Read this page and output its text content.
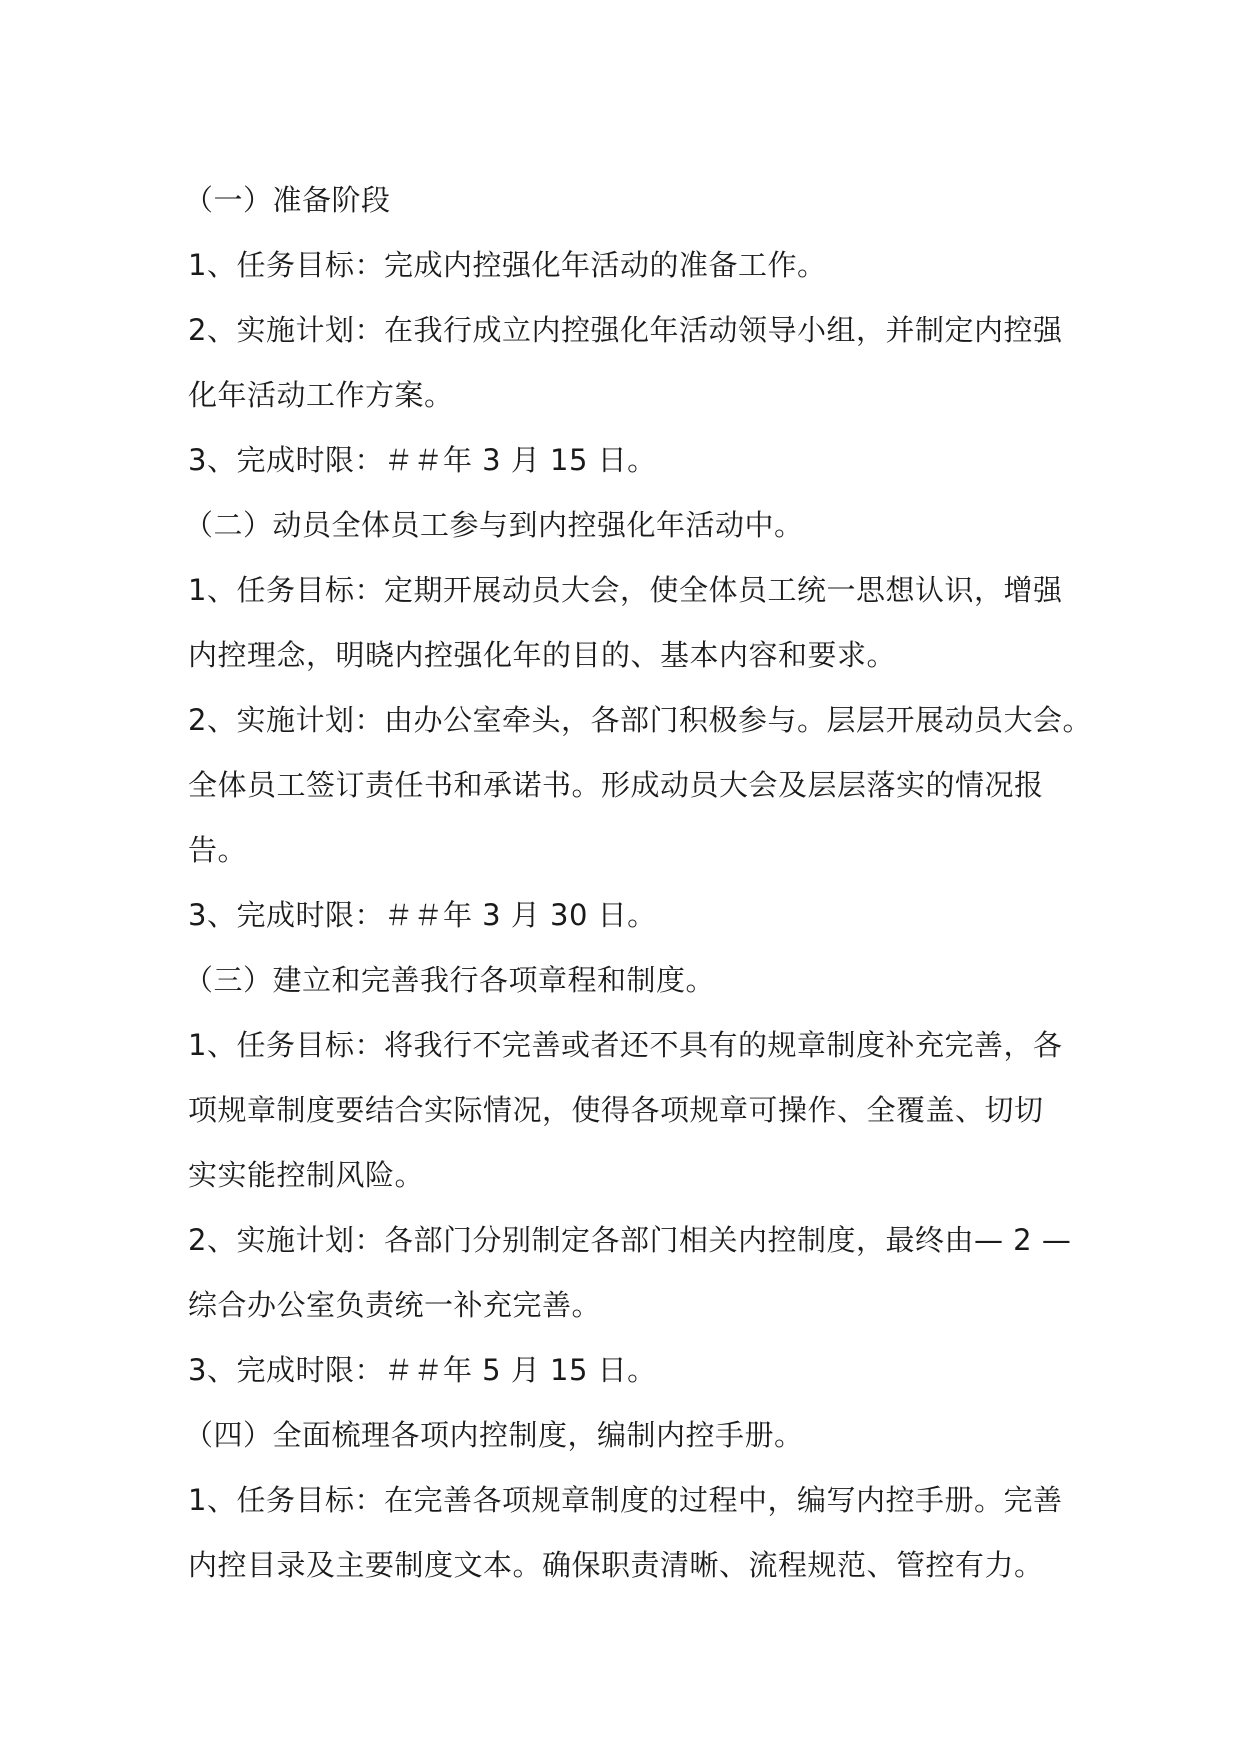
（一）准备阶段

1、任务目标：完成内控强化年活动的准备工作。

2、实施计划：在我行成立内控强化年活动领导小组，并制定内控强

化年活动工作方案。

3、完成时限：＃＃年 3 月 15 日。

（二）动员全体员工参与到内控强化年活动中。

1、任务目标：定期开展动员大会，使全体员工统一思想认识，增强

内控理念，明晓内控强化年的目的、基本内容和要求。

2、实施计划：由办公室牵头，各部门积极参与。层层开展动员大会。

全体员工签订责任书和承诺书。形成动员大会及层层落实的情况报

告。

3、完成时限：＃＃年 3 月 30 日。

（三）建立和完善我行各项章程和制度。

1、任务目标：将我行不完善或者还不具有的规章制度补充完善，各

项规章制度要结合实际情况，使得各项规章可操作、全覆盖、切切

实实能控制风险。

2、实施计划：各部门分别制定各部门相关内控制度，最终由— 2 —

综合办公室负责统一补充完善。

3、完成时限：＃＃年 5 月 15 日。

（四）全面梳理各项内控制度，编制内控手册。

1、任务目标：在完善各项规章制度的过程中，编写内控手册。完善

内控目录及主要制度文本。确保职责清晰、流程规范、管控有力。
